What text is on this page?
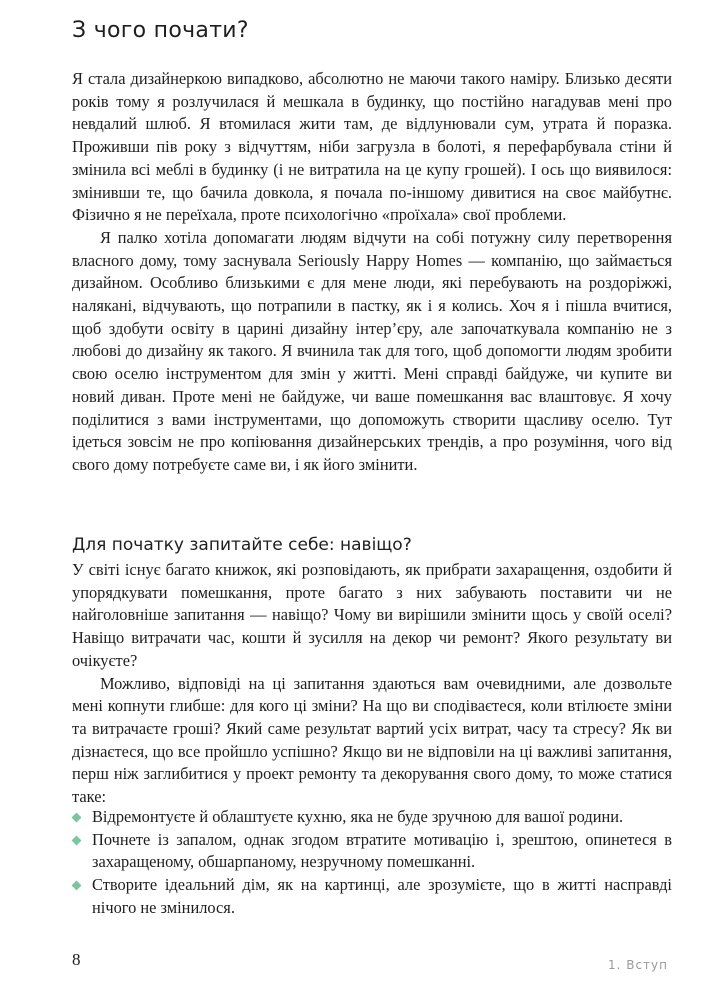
З чого почати?

Я стала дизайнеркою випадково, абсолютно не маючи такого наміру. Близько десяти років тому я розлучилася й мешкала в будинку, що постійно нагадував мені про невдалий шлюб. Я втомилася жити там, де відлунювали сум, утрата й поразка. Проживши пів року з відчуттям, ніби загрузла в болоті, я перефарбувала стіни й змінила всі меблі в будинку (і не витратила на це купу грошей). І ось що виявилося: змінивши те, що бачила довкола, я почала по-іншому дивитися на своє майбутнє. Фізично я не переїхала, проте психологічно «проїхала» свої проблеми.

Я палко хотіла допомагати людям відчути на собі потужну силу перетворення власного дому, тому заснувала Seriously Happy Homes — компанію, що займається дизайном. Особливо близькими є для мене люди, які перебувають на роздоріжжі, налякані, відчувають, що потрапили в пастку, як і я колись. Хоч я і пішла вчитися, щоб здобути освіту в царині дизайну інтер’єру, але започаткувала компанію не з любові до дизайну як такого. Я вчинила так для того, щоб допомогти людям зробити свою оселю інструментом для змін у житті. Мені справді байдуже, чи купите ви новий диван. Проте мені не байдуже, чи ваше помешкання вас влаштовує. Я хочу поділитися з вами інструментами, що допоможуть створити щасливу оселю. Тут ідеться зовсім не про копіювання дизайнерських трендів, а про розуміння, чого від свого дому потребуєте саме ви, і як його змінити.

Для початку запитайте себе: навіщо?

У світі існує багато книжок, які розповідають, як прибрати захаращення, оздобити й упорядкувати помешкання, проте багато з них забувають поставити чи не найголовніше запитання — навіщо? Чому ви вирішили змінити щось у своїй оселі? Навіщо витрачати час, кошти й зусилля на декор чи ремонт? Якого результату ви очікуєте?

Можливо, відповіді на ці запитання здаються вам очевидними, але дозвольте мені копнути глибше: для кого ці зміни? На що ви сподіваєтеся, коли втілюєте зміни та витрачаєте гроші? Який саме результат вартий усіх витрат, часу та стресу? Як ви дізнаєтеся, що все пройшло успішно? Якщо ви не відповіли на ці важливі запитання, перш ніж заглибитися у проект ремонту та декорування свого дому, то може статися таке:

Відремонтуєте й облаштуєте кухню, яка не буде зручною для вашої родини.
Почнете із запалом, однак згодом втратите мотивацію і, зрештою, опинетеся в захаращеному, обшарпаному, незручному помешканні.
Створите ідеальний дім, як на картинці, але зрозумієте, що в житті насправді нічого не змінилося.
8	1. Вступ
